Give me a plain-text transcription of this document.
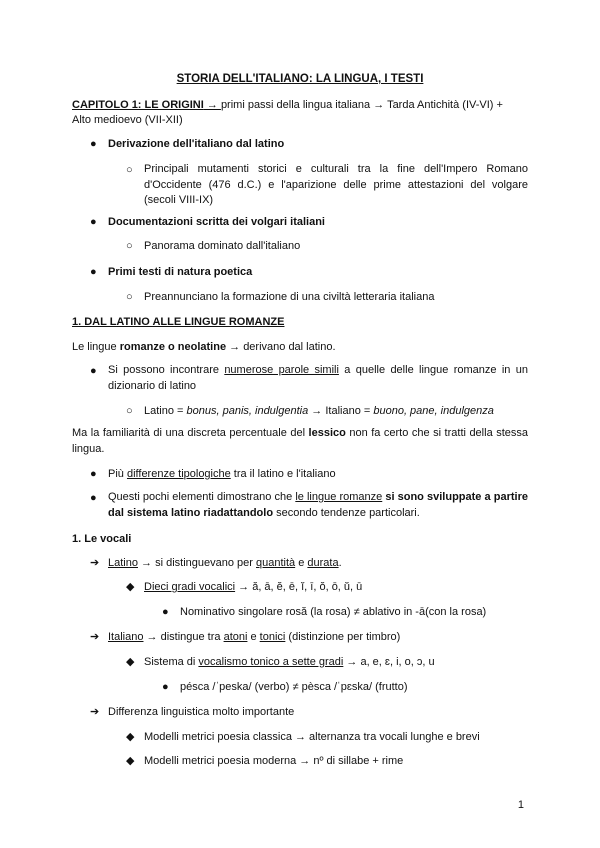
STORIA DELL'ITALIANO: LA LINGUA, I TESTI
CAPITOLO 1: LE ORIGINI → primi passi della lingua italiana → Tarda Antichità (IV-VI) +
Alto medioevo (VII-XII)
● Derivazione dell'italiano dal latino
○ Principali mutamenti storici e culturali tra la fine dell'Impero Romano d'Occidente (476 d.C.) e l'aparizione delle prime attestazioni del volgare (secoli VIII-IX)
● Documentazioni scritta dei volgari italiani
○ Panorama dominato dall'italiano
● Primi testi di natura poetica
○ Preannunciano la formazione di una civiltà letteraria italiana
1. DAL LATINO ALLE LINGUE ROMANZE
Le lingue romanze o neolatine → derivano dal latino.
● Si possono incontrare numerose parole simili a quelle delle lingue romanze in un dizionario di latino
○ Latino = bonus, panis, indulgentia → Italiano = buono, pane, indulgenza
Ma la familiarità di una discreta percentuale del lessico non fa certo che si tratti della stessa lingua.
● Più differenze tipologiche tra il latino e l'italiano
● Questi pochi elementi dimostrano che le lingue romanze si sono sviluppate a partire dal sistema latino riadattandolo secondo tendenze particolari.
1. Le vocali
➔ Latino → si distinguevano per quantità e durata.
◆ Dieci gradi vocalici → ă, ā, ĕ, ē, ĭ, ī, ŏ, ō, ŭ, ū
● Nominativo singolare rosă (la rosa) ≠ ablativo in -ā(con la rosa)
➔ Italiano → distingue tra atoni e tonici (distinzione per timbro)
◆ Sistema di vocalismo tonico a sette gradi → a, e, ɛ, i, o, ɔ, u
● pésca /ˈpeska/ (verbo) ≠ pèsca /ˈpɛska/ (frutto)
➔ Differenza linguistica molto importante
◆ Modelli metrici poesia classica → alternanza tra vocali lunghe e brevi
◆ Modelli metrici poesia moderna → nº di sillabe + rime
1
